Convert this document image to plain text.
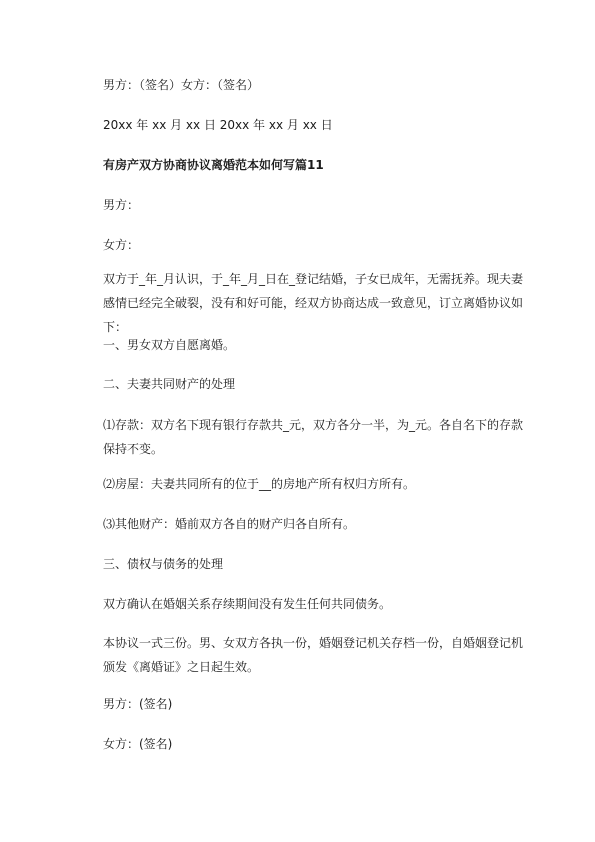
男方：（签名）女方：（签名）
20xx 年 xx 月 xx 日 20xx 年 xx 月 xx 日
有房产双方协商协议离婚范本如何写篇11
男方：
女方：
双方于_年_月认识，于_年_月_日在_登记结婚，子女已成年，无需抚养。现夫妻感情已经完全破裂，没有和好可能，经双方协商达成一致意见，订立离婚协议如下：
一、男女双方自愿离婚。
二、夫妻共同财产的处理
⑴存款：双方名下现有银行存款共_元，双方各分一半，为_元。各自名下的存款保持不变。
⑵房屋：夫妻共同所有的位于__的房地产所有权归方所有。
⑶其他财产：婚前双方各自的财产归各自所有。
三、债权与债务的处理
双方确认在婚姻关系存续期间没有发生任何共同债务。
本协议一式三份。男、女双方各执一份，婚姻登记机关存档一份，自婚姻登记机颁发《离婚证》之日起生效。
男方：(签名)
女方：(签名)
